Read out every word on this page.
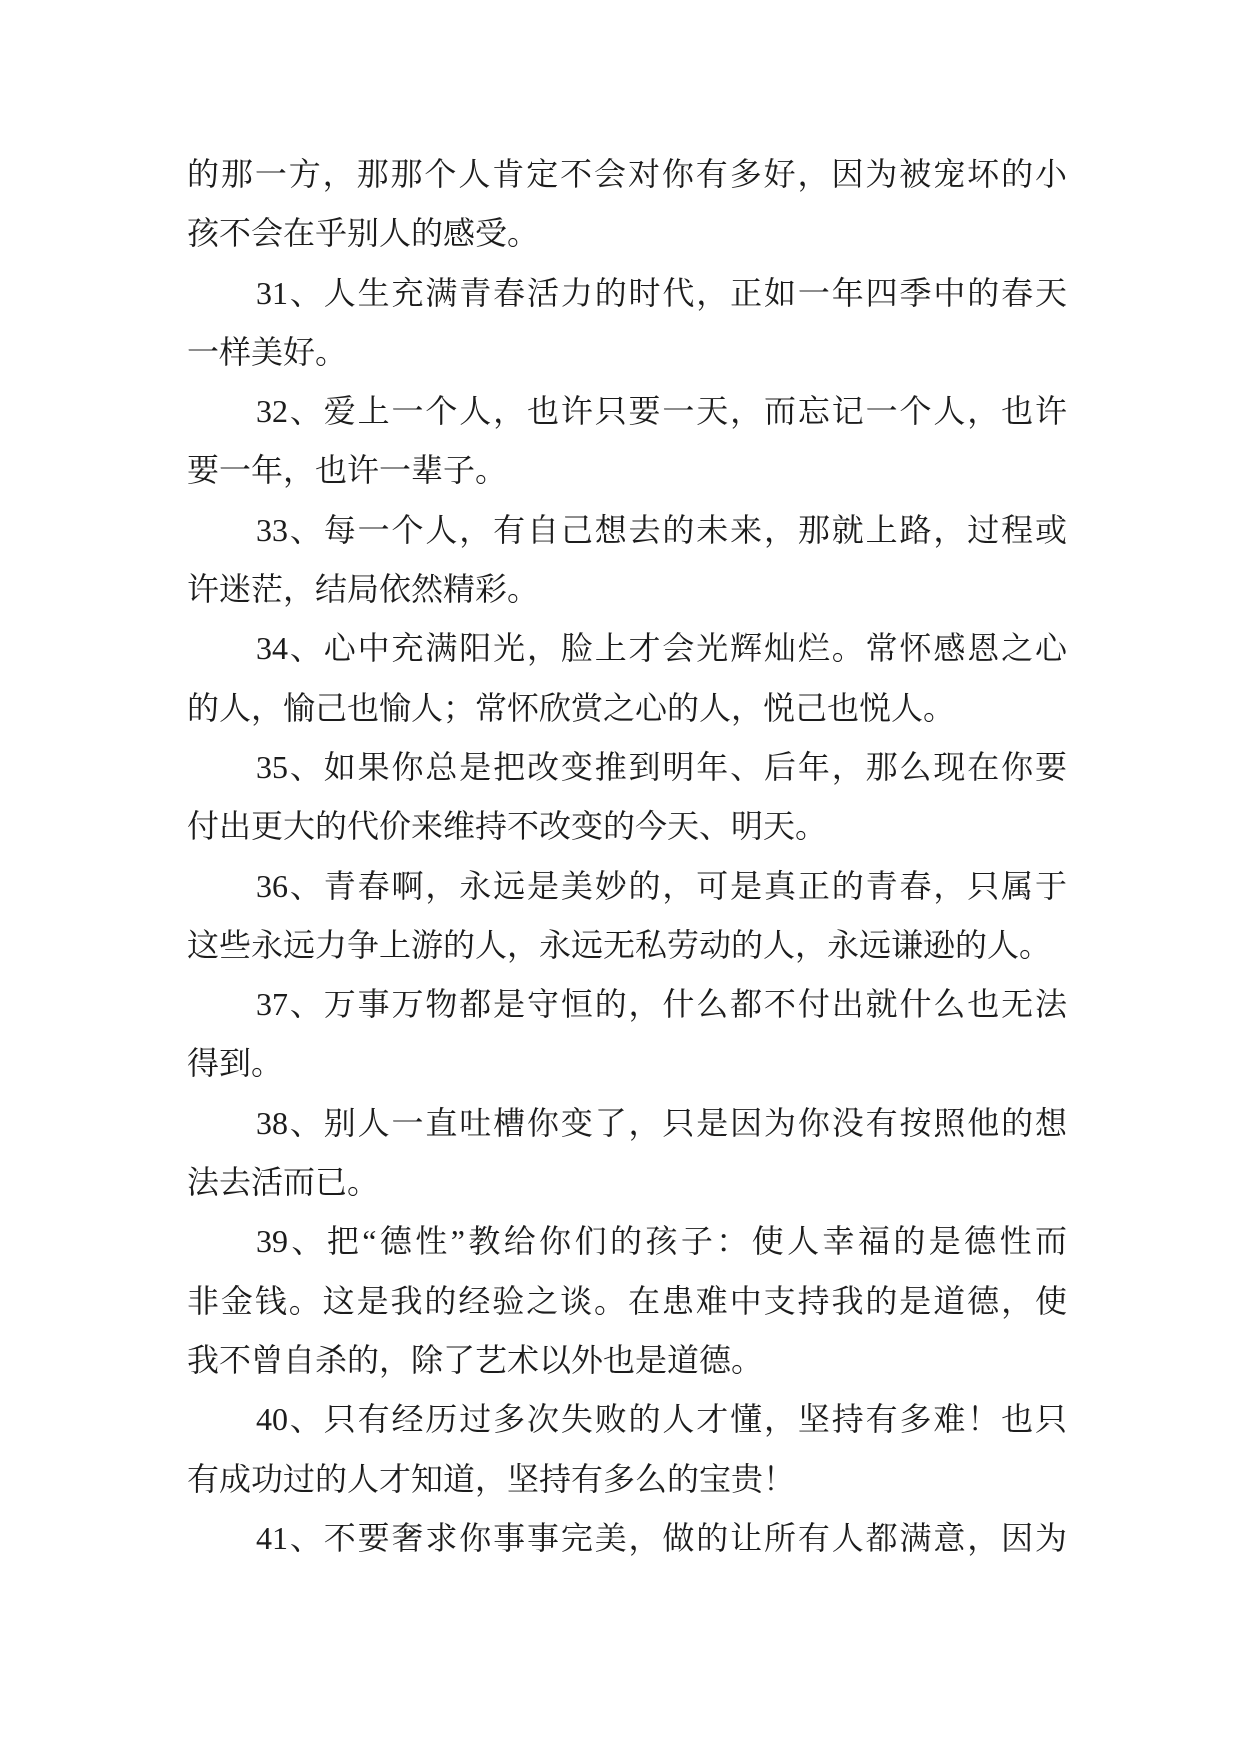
的那一方，那那个人肯定不会对你有多好，因为被宠坏的小
孩不会在乎别人的感受。
31、人生充满青春活力的时代，正如一年四季中的春天
一样美好。
32、爱上一个人，也许只要一天，而忘记一个人，也许
要一年，也许一辈子。
33、每一个人，有自己想去的未来，那就上路，过程或
许迷茫，结局依然精彩。
34、心中充满阳光，脸上才会光辉灿烂。常怀感恩之心
的人，愉己也愉人；常怀欣赏之心的人，悦己也悦人。
35、如果你总是把改变推到明年、后年，那么现在你要
付出更大的代价来维持不改变的今天、明天。
36、青春啊，永远是美妙的，可是真正的青春，只属于
这些永远力争上游的人，永远无私劳动的人，永远谦逊的人。
37、万事万物都是守恒的，什么都不付出就什么也无法
得到。
38、别人一直吐槽你变了，只是因为你没有按照他的想
法去活而已。
39、把“德性”教给你们的孩子：使人幸福的是德性而
非金钱。这是我的经验之谈。在患难中支持我的是道德，使
我不曾自杀的，除了艺术以外也是道德。
40、只有经历过多次失败的人才懂，坚持有多难！也只
有成功过的人才知道，坚持有多么的宝贵！
41、不要奢求你事事完美，做的让所有人都满意，因为
